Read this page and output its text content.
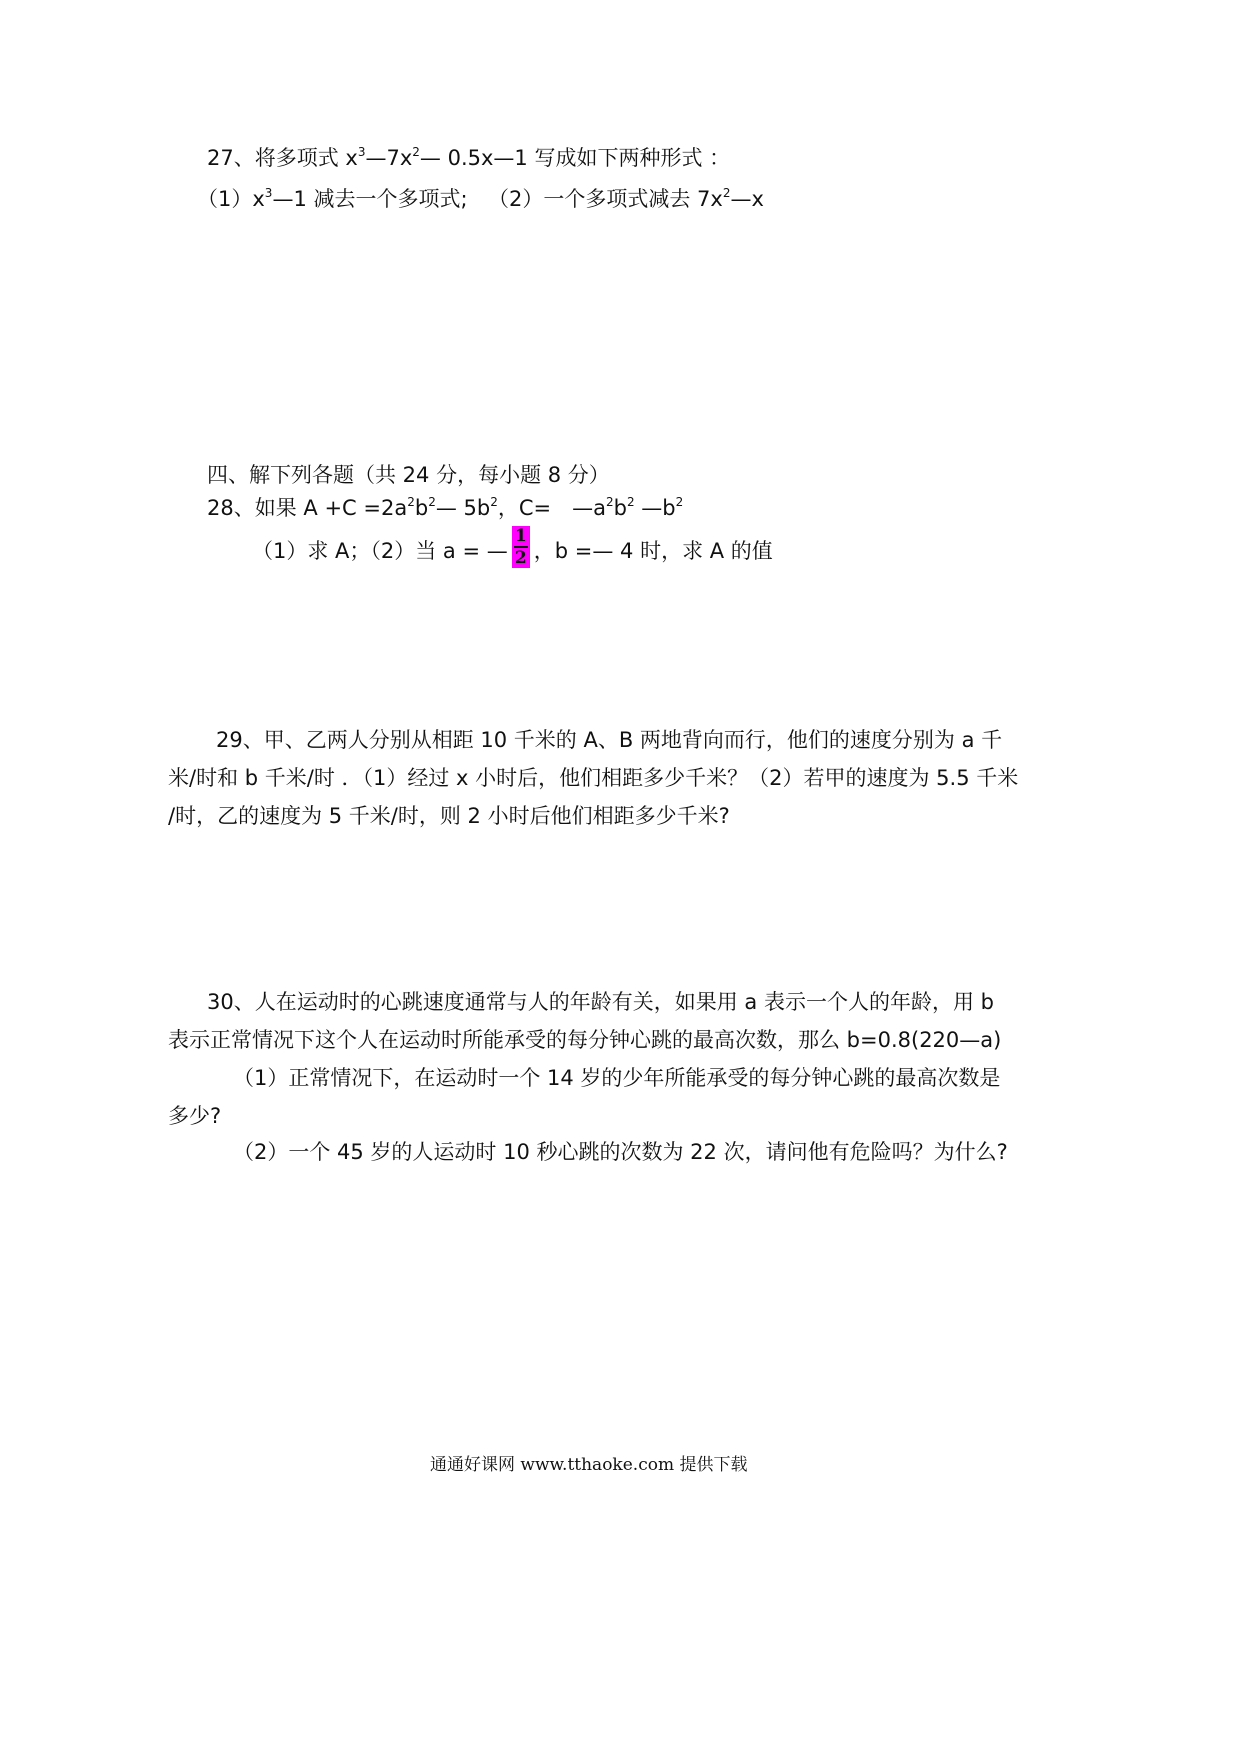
27、将多项式 $x^3—7x^2—$ 0.5x—1 写成如下两种形式 ：
$(1)x^3—1$ 减去一个多项式; （2）一个多项式减去 $7x^2—x$
四、解下列各题（共 24 分，每小题 8 分）
28、如果 $A +C =2a^2b^2—$ $5b^2$，C=　$—a^2b^2$ $—b^2$
（1）求 A；（2）当 a = — $\frac{1}{2}$ ，b =— 4 时，求 A 的值
29、甲、乙两人分别从相距 10 千米的 A、B 两地背向而行，他们的速度分别为 a 千
米/时和 b 千米/时 ．（1）经过 x 小时后，他们相距多少千米？（2）若甲的速度为 5.5 千米
/时，乙的速度为 5 千米/时，则 2 小时后他们相距多少千米?
30、人在运动时的心跳速度通常与人的年龄有关，如果用 a 表示一个人的年龄，用 b
表示正常情况下这个人在运动时所能承受的每分钟心跳的最高次数，那么 b=0.8(220—a)
（1）正常情况下，在运动时一个 14 岁的少年所能承受的每分钟心跳的最高次数是
多少?
（2）一个 45 岁的人运动时 10 秒心跳的次数为 22 次，请问他有危险吗？为什么?
通通好课网 www.tthaoke.com 提供下载
